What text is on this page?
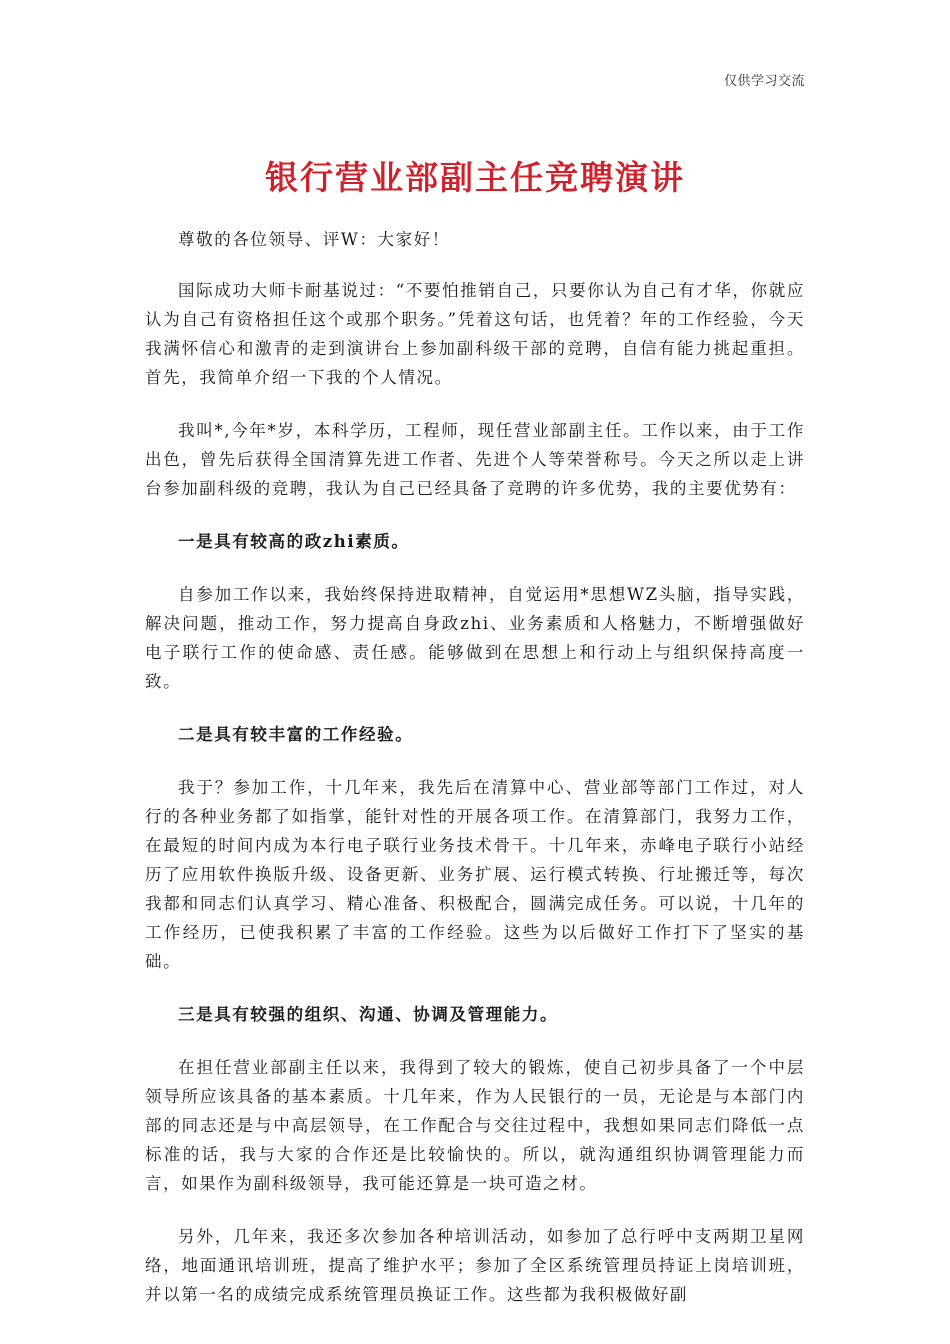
仅供学习交流
银行营业部副主任竞聘演讲

尊敬的各位领导、评W：大家好！

国际成功大师卡耐基说过：“不要怕推销自己，只要你认为自己有才华，你就应认为自己有资格担任这个或那个职务。”凭着这句话，也凭着？年的工作经验，今天我满怀信心和激青的走到演讲台上参加副科级干部的竞聘，自信有能力挑起重担。首先，我简单介绍一下我的个人情况。

我叫*,今年*岁，本科学历，工程师，现任营业部副主任。工作以来，由于工作出色，曾先后获得全国清算先进工作者、先进个人等荣誉称号。今天之所以走上讲台参加副科级的竞聘，我认为自己已经具备了竞聘的许多优势，我的主要优势有：

一是具有较高的政zhi素质。

自参加工作以来，我始终保持进取精神，自觉运用*思想WZ头脑，指导实践，解决问题，推动工作，努力提高自身政zhi、业务素质和人格魅力，不断增强做好电子联行工作的使命感、责任感。能够做到在思想上和行动上与组织保持高度一致。

二是具有较丰富的工作经验。

我于？参加工作，十几年来，我先后在清算中心、营业部等部门工作过，对人行的各种业务都了如指掌，能针对性的开展各项工作。在清算部门，我努力工作，在最短的时间内成为本行电子联行业务技术骨干。十几年来，赤峰电子联行小站经历了应用软件换版升级、设备更新、业务扩展、运行模式转换、行址搬迁等，每次我都和同志们认真学习、精心准备、积极配合，圆满完成任务。可以说，十几年的工作经历，已使我积累了丰富的工作经验。这些为以后做好工作打下了坚实的基础。

三是具有较强的组织、沟通、协调及管理能力。

在担任营业部副主任以来，我得到了较大的锻炼，使自己初步具备了一个中层领导所应该具备的基本素质。十几年来，作为人民银行的一员，无论是与本部门内部的同志还是与中高层领导，在工作配合与交往过程中，我想如果同志们降低一点标准的话，我与大家的合作还是比较愉快的。所以，就沟通组织协调管理能力而言，如果作为副科级领导，我可能还算是一块可造之材。

另外，几年来，我还多次参加各种培训活动，如参加了总行呼中支两期卫星网络，地面通讯培训班，提高了维护水平；参加了全区系统管理员持证上岗培训班，并以第一名的成绩完成系统管理员换证工作。这些都为我积极做好副
